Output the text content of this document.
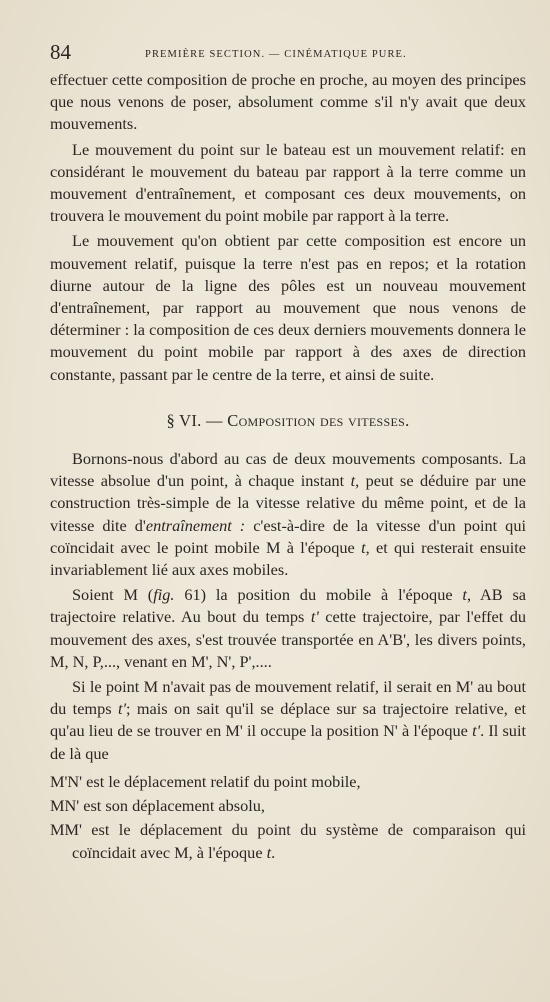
84	PREMIÈRE SECTION. — CINÉMATIQUE PURE.

effectuer cette composition de proche en proche, au moyen des principes que nous venons de poser, absolument comme s'il n'y avait que deux mouvements.

Le mouvement du point sur le bateau est un mouvement relatif: en considérant le mouvement du bateau par rapport à la terre comme un mouvement d'entraînement, et composant ces deux mouvements, on trouvera le mouvement du point mobile par rapport à la terre.

Le mouvement qu'on obtient par cette composition est encore un mouvement relatif, puisque la terre n'est pas en repos; et la rotation diurne autour de la ligne des pôles est un nouveau mouvement d'entraînement, par rapport au mouvement que nous venons de déterminer : la composition de ces deux derniers mouvements donnera le mouvement du point mobile par rapport à des axes de direction constante, passant par le centre de la terre, et ainsi de suite.

§ VI. — Composition des vitesses.

Bornons-nous d'abord au cas de deux mouvements composants. La vitesse absolue d'un point, à chaque instant t, peut se déduire par une construction très-simple de la vitesse relative du même point, et de la vitesse dite d'entraînement : c'est-à-dire de la vitesse d'un point qui coïncidait avec le point mobile M à l'époque t, et qui resterait ensuite invariablement lié aux axes mobiles.

Soient M (fig. 61) la position du mobile à l'époque t, AB sa trajectoire relative. Au bout du temps t' cette trajectoire, par l'effet du mouvement des axes, s'est trouvée transportée en A'B', les divers points, M, N, P,..., venant en M', N', P',....

Si le point M n'avait pas de mouvement relatif, il serait en M' au bout du temps t'; mais on sait qu'il se déplace sur sa trajectoire relative, et qu'au lieu de se trouver en M' il occupe la position N' à l'époque t'. Il suit de là que

M'N' est le déplacement relatif du point mobile,

MN' est son déplacement absolu,

MM' est le déplacement du point du système de comparaison qui coïncidait avec M, à l'époque t.
